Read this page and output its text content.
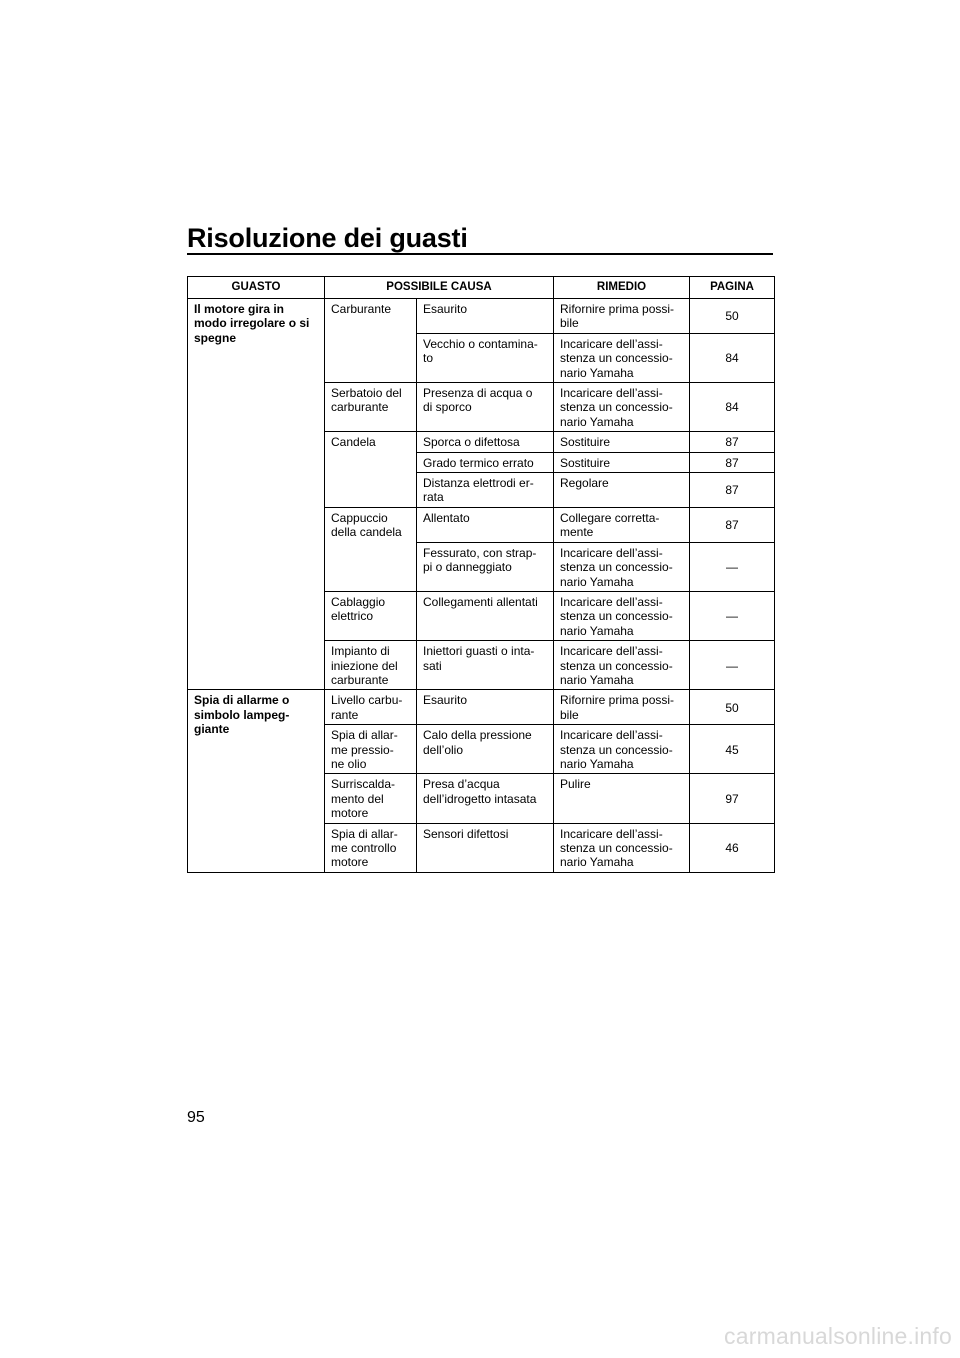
Risoluzione dei guasti
GUASTO	POSSIBILE CAUSA		RIMEDIO	PAGINA

Il motore gira in
modo irregolare o si
spegne	Carburante	Esaurito	Rifornire prima possi-
bile	50

		Vecchio o contamina-
to	Incaricare dell’assi-
stenza un concessio-
nario Yamaha	84

	Serbatoio del
carburante	Presenza di acqua o
di sporco	Incaricare dell’assi-
stenza un concessio-
nario Yamaha	84

	Candela	Sporca o difettosa	Sostituire	87

		Grado termico errato	Sostituire	87

		Distanza elettrodi er-
rata	Regolare	87

	Cappuccio
della candela	Allentato	Collegare corretta-
mente	87

		Fessurato, con strap-
pi o danneggiato	Incaricare dell’assi-
stenza un concessio-
nario Yamaha	—

	Cablaggio
elettrico	Collegamenti allentati	Incaricare dell’assi-
stenza un concessio-
nario Yamaha	—

	Impianto di
iniezione del
carburante	Iniettori guasti o inta-
sati	Incaricare dell’assi-
stenza un concessio-
nario Yamaha	—

Spia di allarme o
simbolo lampeg-
giante	Livello carbu-
rante	Esaurito	Rifornire prima possi-
bile	50

	Spia di allar-
me pressio-
ne olio	Calo della pressione
dell’olio	Incaricare dell’assi-
stenza un concessio-
nario Yamaha	45

	Surriscalda-
mento del
motore	Presa d’acqua
dell’idrogetto intasata	Pulire	97

	Spia di allar-
me controllo
motore	Sensori difettosi	Incaricare dell’assi-
stenza un concessio-
nario Yamaha	46
95
carmanualsonline.info
